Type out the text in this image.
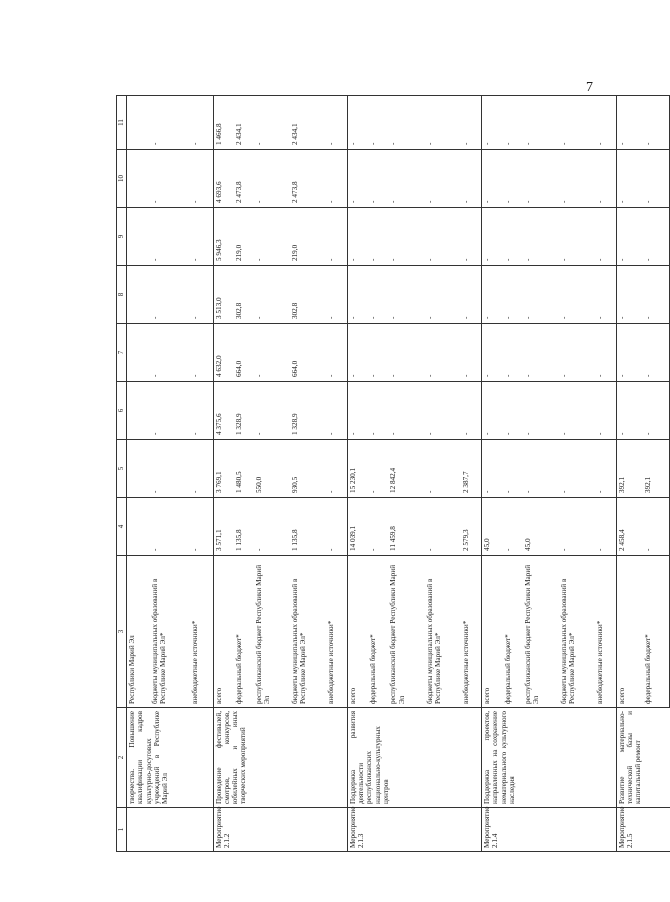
7
1	2	3	4	5	6	7	8	9	10	11
	творчества. Повышение квалификации кадров культурно-досуговых учреждений в Республике Марий Эл	Республики Марий Эл								
		бюджеты муниципальных образований в Республике Марий Эл*	-	-	-	-	-	-	-	-
		внебюджетные источники*	-	-	-	-	-	-	-	-
Мероприятие 2.1.2	Проведение фестивалей, смотров, конкурсов, юбилейных и иных творческих мероприятий	всего	3 571,1	3 769,1	4 375,6	4 632,0	3 513,0	5 946,3	4 693,6	1 466,8
		федеральный бюджет*	1 135,8	1 480,5	1 328,9	664,0	302,8	219,0	2 473,8	2 434,1
		республиканский бюджет Республики Марий Эл	-	550,0	-	-	-	-	-	-
		бюджеты муниципальных образований в Республике Марий Эл*	1 135,8	930,5	1 328,9	664,0	302,8	219,0	2 473,8	2 434,1
		внебюджетные источники*	-	-	-	-	-	-	-	-
Мероприятие 2.1.3	Поддержка развития деятельности республиканских национально-культурных центров	всего	14 039,1	15 230,1	-	-	-	-	-	-
		федеральный бюджет*	-	-	-	-	-	-	-	-
		республиканский бюджет Республики Марий Эл	11 459,8	12 842,4	-	-	-	-	-	-
		бюджеты муниципальных образований в Республике Марий Эл*	-	-	-	-	-	-	-	-
		внебюджетные источники*	2 579,3	2 387,7	-	-	-	-	-	-
Мероприятие 2.1.4	Поддержка проектов, направленных на сохранение нематериального культурного наследия	всего	45,0	-	-	-	-	-	-	-
		федеральный бюджет*	-	-	-	-	-	-	-	-
		республиканский бюджет Республики Марий Эл	45,0	-	-	-	-	-	-	-
		бюджеты муниципальных образований в Республике Марий Эл*	-	-	-	-	-	-	-	-
		внебюджетные источники*	-	-	-	-	-	-	-	-
Мероприятие 2.1.5	Развитие материально-технической базы и капитальный ремонт	всего	2 458,4	392,1	-	-	-	-	-	-
		федеральный бюджет*	-	392,1	-	-	-	-	-	-
